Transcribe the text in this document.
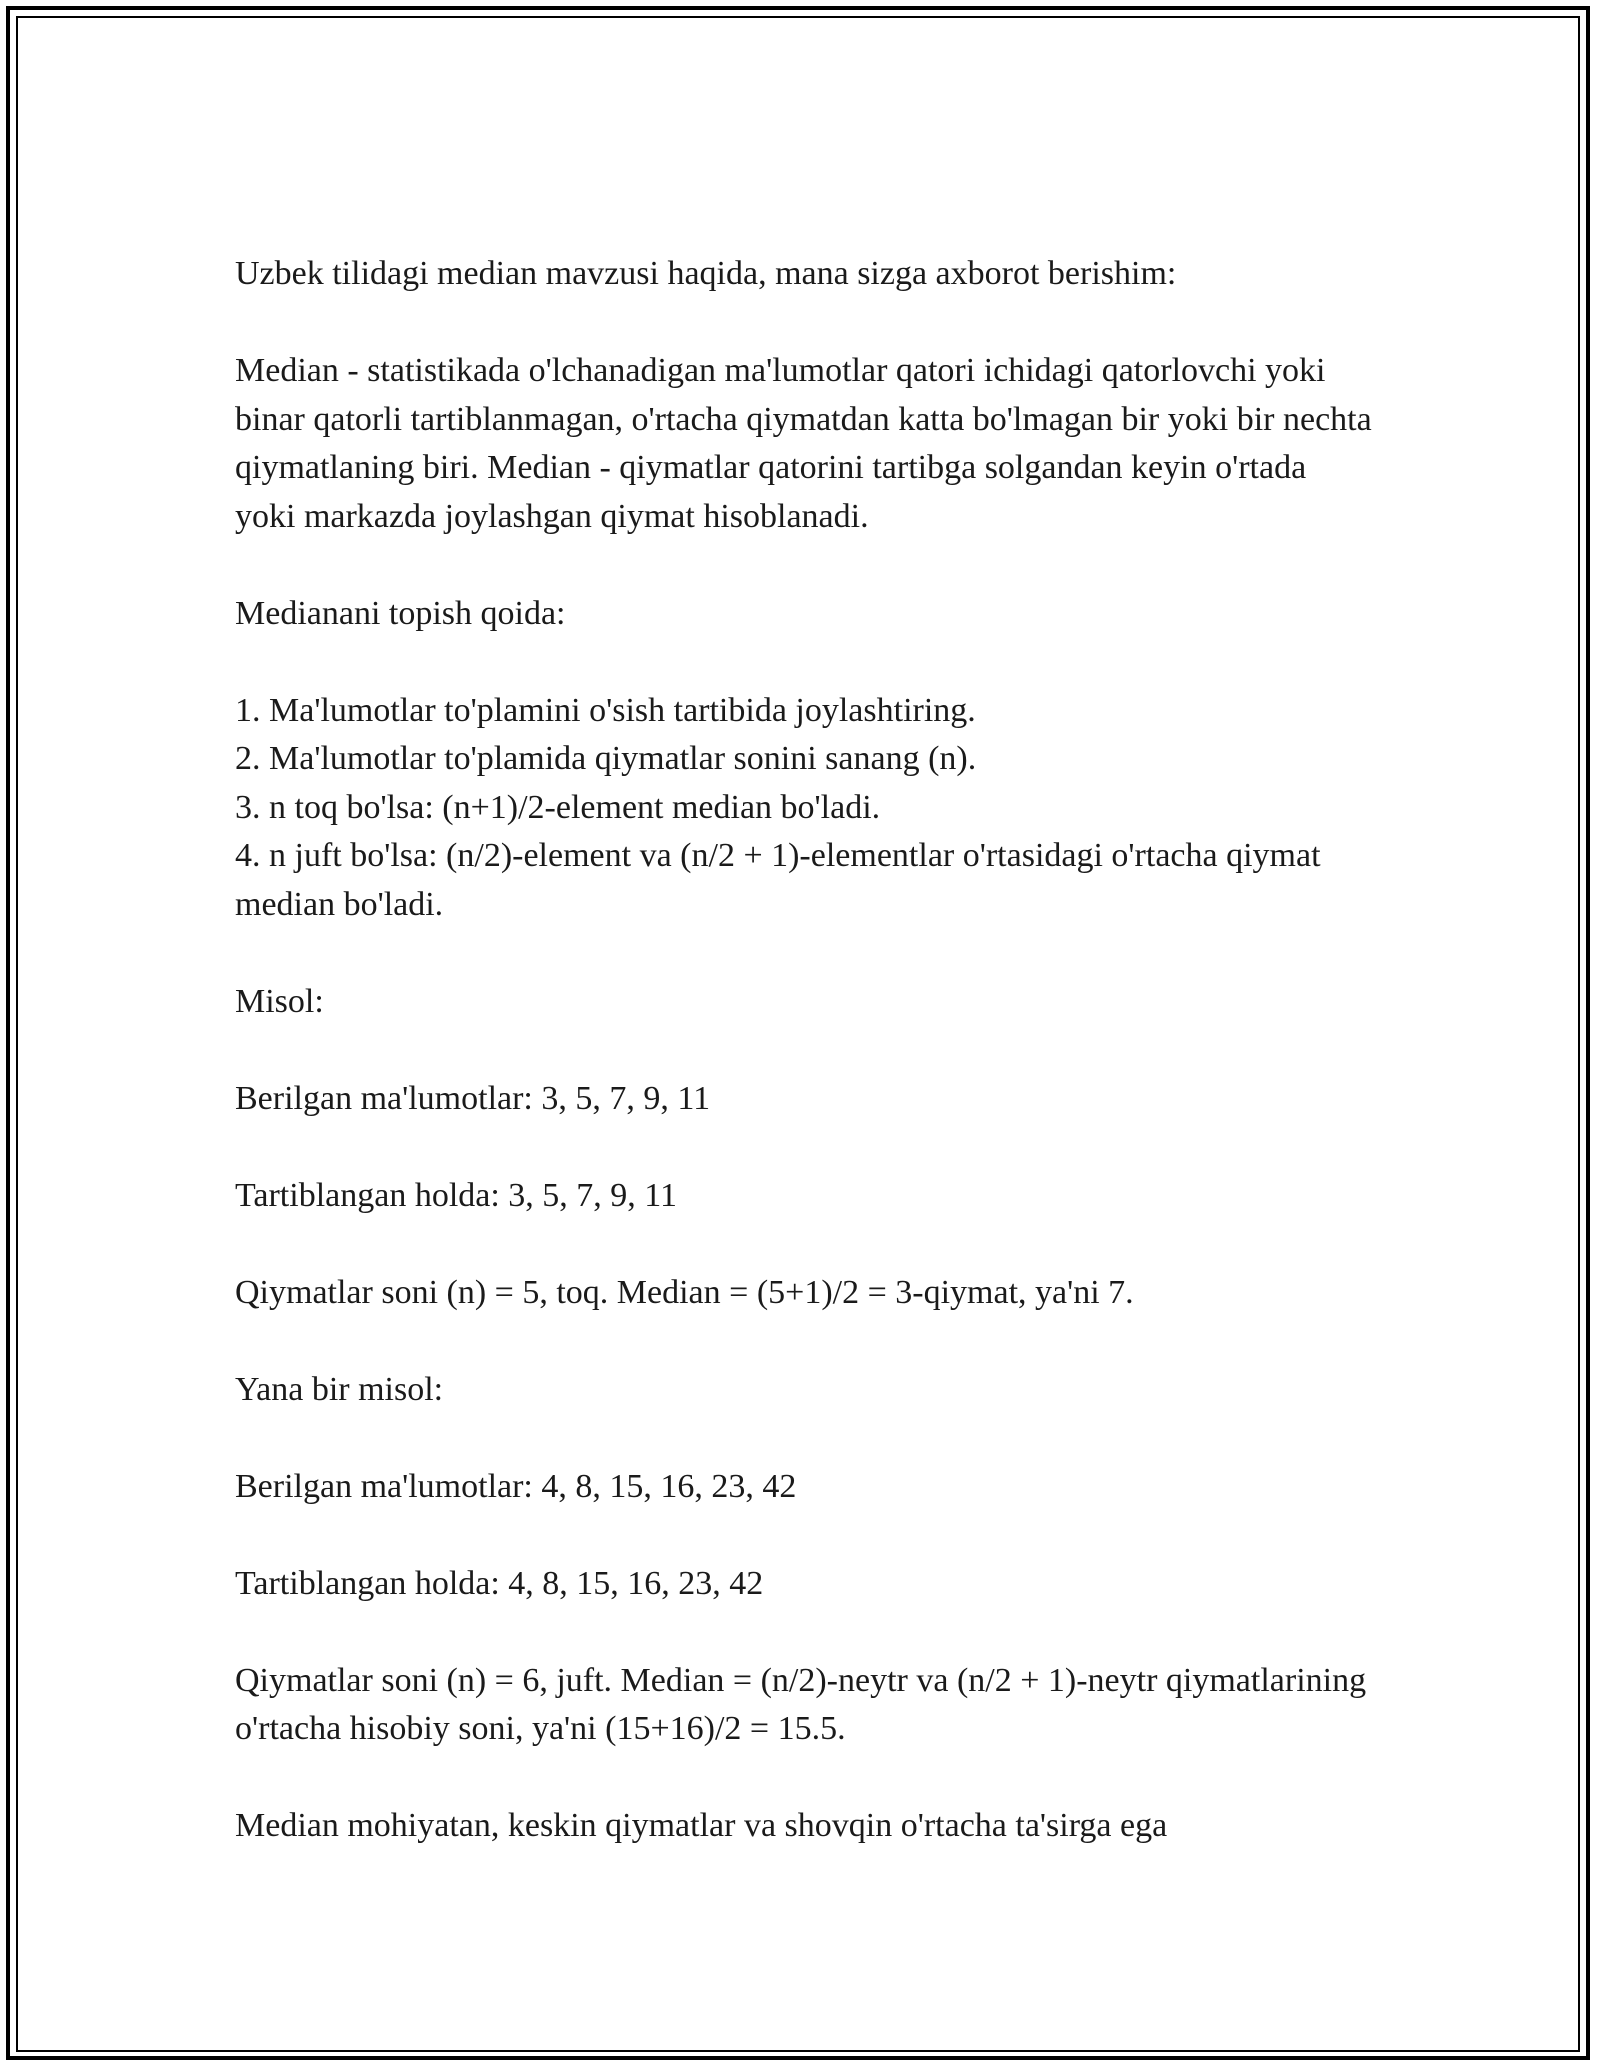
Uzbek tilidagi median mavzusi haqida, mana sizga axborot berishim:

Median - statistikada o'lchanadigan ma'lumotlar qatori ichidagi qatorlovchi yoki binar qatorli tartiblanmagan, o'rtacha qiymatdan katta bo'lmagan bir yoki bir nechta qiymatlaning biri. Median - qiymatlar qatorini tartibga solgandan keyin o'rtada yoki markazda joylashgan qiymat hisoblanadi.

Medianani topish qoida:

1. Ma'lumotlar to'plamini o'sish tartibida joylashtiring.
2. Ma'lumotlar to'plamida qiymatlar sonini sanang (n).
3. n toq bo'lsa: (n+1)/2-element median bo'ladi.
4. n juft bo'lsa: (n/2)-element va (n/2 + 1)-elementlar o'rtasidagi o'rtacha qiymat median bo'ladi.

Misol:

Berilgan ma'lumotlar: 3, 5, 7, 9, 11

Tartiblangan holda: 3, 5, 7, 9, 11

Qiymatlar soni (n) = 5, toq. Median = (5+1)/2 = 3-qiymat, ya'ni 7.

Yana bir misol:

Berilgan ma'lumotlar: 4, 8, 15, 16, 23, 42

Tartiblangan holda: 4, 8, 15, 16, 23, 42

Qiymatlar soni (n) = 6, juft. Median = (n/2)-neytr va (n/2 + 1)-neytr qiymatlarining o'rtacha hisobiy soni, ya'ni (15+16)/2 = 15.5.

Median mohiyatan, keskin qiymatlar va shovqin o'rtacha ta'sirga ega
